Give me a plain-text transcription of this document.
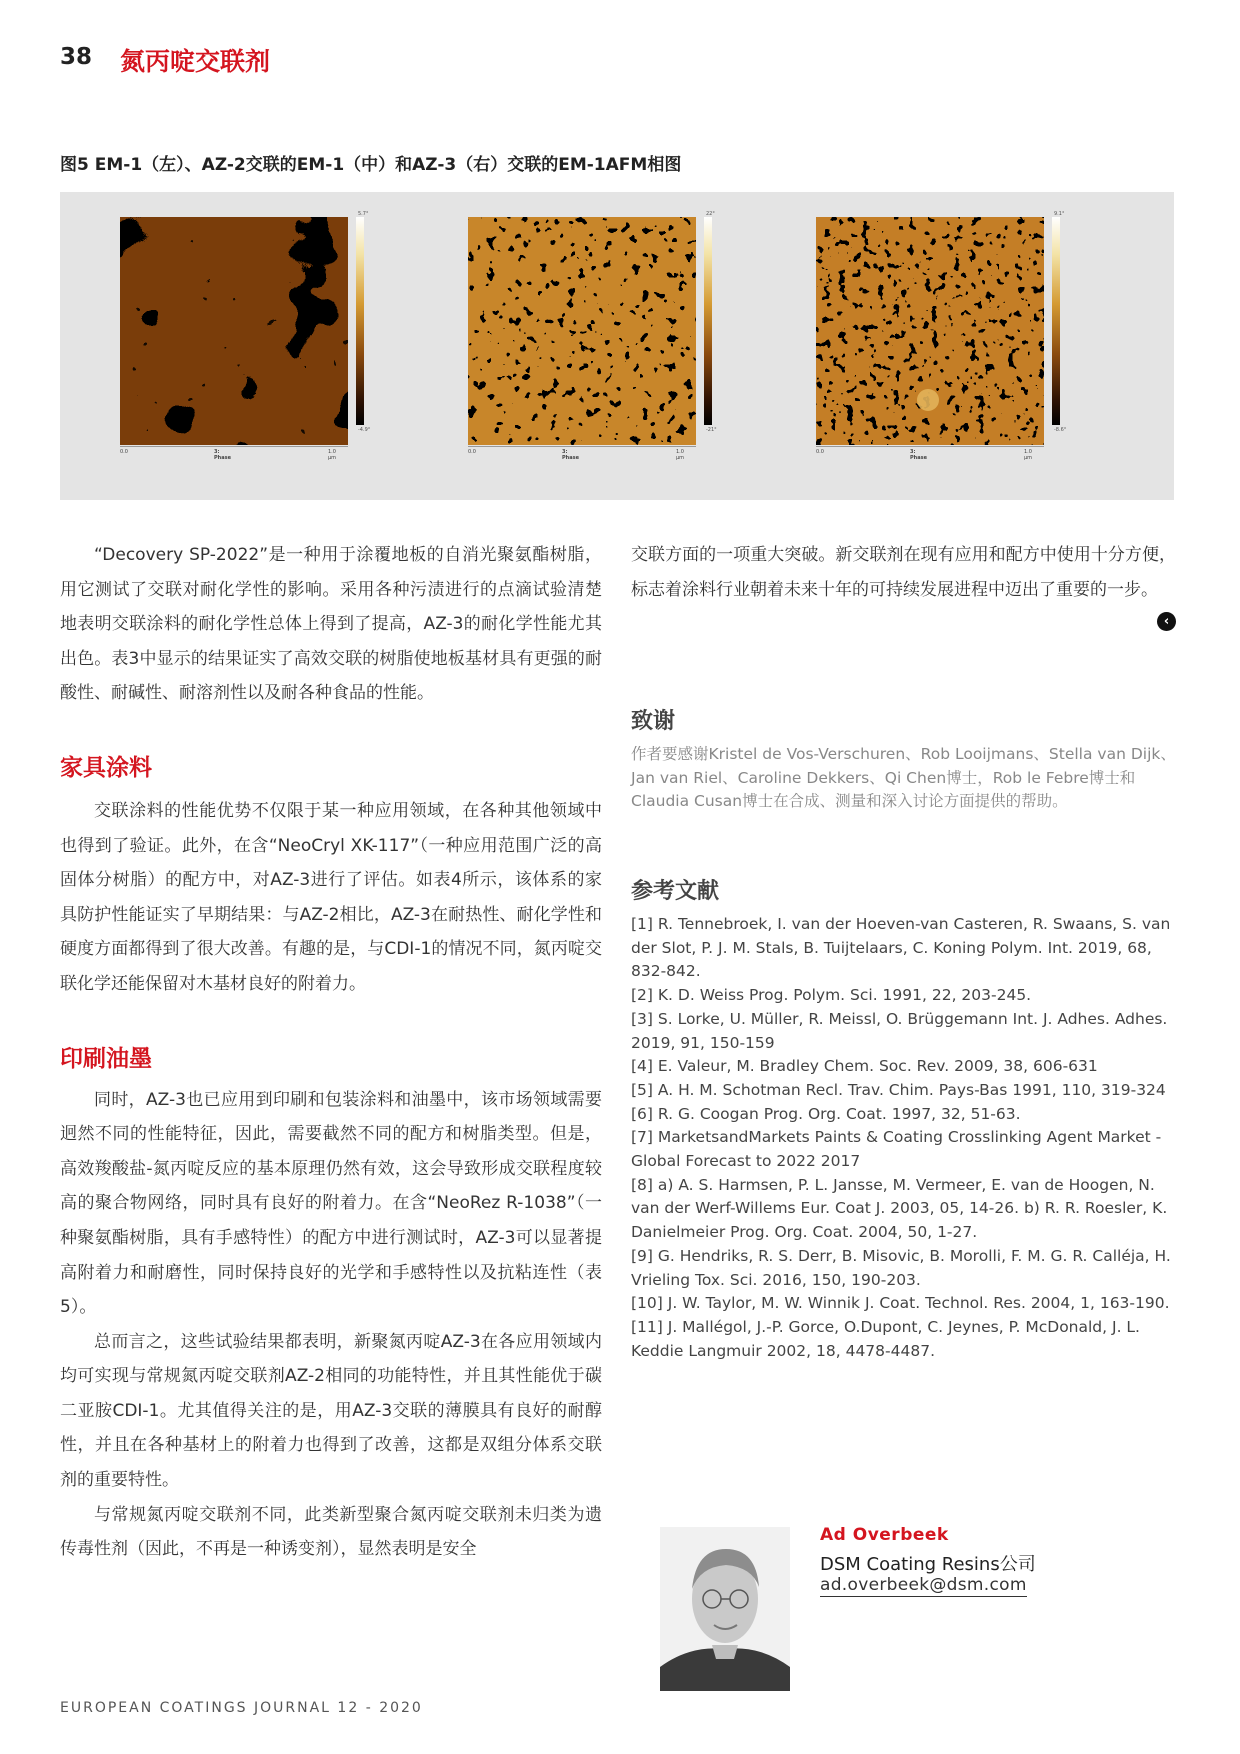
38 氮丙啶交联剂
图5 EM-1（左）、AZ-2交联的EM-1（中）和AZ-3（右）交联的EM-1AFM相图
5.7°
-4.9°
0.0	3: Phase
1.0 µm
22°
-21°
0.0	3: Phase
1.0 µm
9.1°
-8.6°
0.0	3: Phase
1.0 µm

“Decovery SP-2022”是一种用于涂覆地板的自消光聚氨酯树脂，用它测试了交联对耐化学性的影响。采用各种污渍进行的点滴试验清楚地表明交联涂料的耐化学性总体上得到了提高，AZ-3的耐化学性能尤其出色。表3中显示的结果证实了高效交联的树脂使地板基材具有更强的耐酸性、耐碱性、耐溶剂性以及耐各种食品的性能。

家具涂料

交联涂料的性能优势不仅限于某一种应用领域，在各种其他领域中也得到了验证。此外，在含“NeoCryl XK-117”（一种应用范围广泛的高固体分树脂）的配方中，对AZ-3进行了评估。如表4所示，该体系的家具防护性能证实了早期结果：与AZ-2相比，AZ-3在耐热性、耐化学性和硬度方面都得到了很大改善。有趣的是，与CDI-1的情况不同，氮丙啶交联化学还能保留对木基材良好的附着力。

印刷油墨

同时，AZ-3也已应用到印刷和包装涂料和油墨中，该市场领域需要迥然不同的性能特征，因此，需要截然不同的配方和树脂类型。但是，高效羧酸盐-氮丙啶反应的基本原理仍然有效，这会导致形成交联程度较高的聚合物网络，同时具有良好的附着力。在含“NeoRez R-1038”（一种聚氨酯树脂，具有手感特性）的配方中进行测试时，AZ-3可以显著提高附着力和耐磨性，同时保持良好的光学和手感特性以及抗粘连性（表5）。

总而言之，这些试验结果都表明，新聚氮丙啶AZ-3在各应用领域内均可实现与常规氮丙啶交联剂AZ-2相同的功能特性，并且其性能优于碳二亚胺CDI-1。尤其值得关注的是，用AZ-3交联的薄膜具有良好的耐醇性，并且在各种基材上的附着力也得到了改善，这都是双组分体系交联剂的重要特性。

与常规氮丙啶交联剂不同，此类新型聚合氮丙啶交联剂未归类为遗传毒性剂（因此，不再是一种诱变剂），显然表明是安全

交联方面的一项重大突破。新交联剂在现有应用和配方中使用十分方便，标志着涂料行业朝着未来十年的可持续发展进程中迈出了重要的一步。

‹
致谢
作者要感谢Kristel de Vos-Verschuren、Rob Looijmans、Stella van Dijk、Jan van Riel、Caroline Dekkers、Qi Chen博士，Rob le Febre博士和Claudia Cusan博士在合成、测量和深入讨论方面提供的帮助。
参考文献
[1] R. Tennebroek, I. van der Hoeven-van Casteren, R. Swaans, S. van der Slot, P. J. M. Stals, B. Tuijtelaars, C. Koning Polym. Int. 2019, 68, 832-842.
[2] K. D. Weiss Prog. Polym. Sci. 1991, 22, 203-245.
[3] S. Lorke, U. Müller, R. Meissl, O. Brüggemann Int. J. Adhes. Adhes. 2019, 91, 150-159
[4] E. Valeur, M. Bradley Chem. Soc. Rev. 2009, 38, 606-631
[5] A. H. M. Schotman Recl. Trav. Chim. Pays-Bas 1991, 110, 319-324
[6] R. G. Coogan Prog. Org. Coat. 1997, 32, 51-63.
[7] MarketsandMarkets Paints & Coating Crosslinking Agent Market - Global Forecast to 2022 2017
[8] a) A. S. Harmsen, P. L. Jansse, M. Vermeer, E. van de Hoogen, N. van der Werf-Willems Eur. Coat J. 2003, 05, 14-26. b) R. R. Roesler, K. Danielmeier Prog. Org. Coat. 2004, 50, 1-27.
[9] G. Hendriks, R. S. Derr, B. Misovic, B. Morolli, F. M. G. R. Calléja, H. Vrieling Tox. Sci. 2016, 150, 190-203.
[10] J. W. Taylor, M. W. Winnik J. Coat. Technol. Res. 2004, 1, 163-190.
[11] J. Mallégol, J.-P. Gorce, O.Dupont, C. Jeynes, P. McDonald, J. L. Keddie Langmuir 2002, 18, 4478-4487.
Ad Overbeek
DSM Coating Resins公司
ad.overbeek@dsm.com
EUROPEAN COATINGS JOURNAL 12 - 2020
